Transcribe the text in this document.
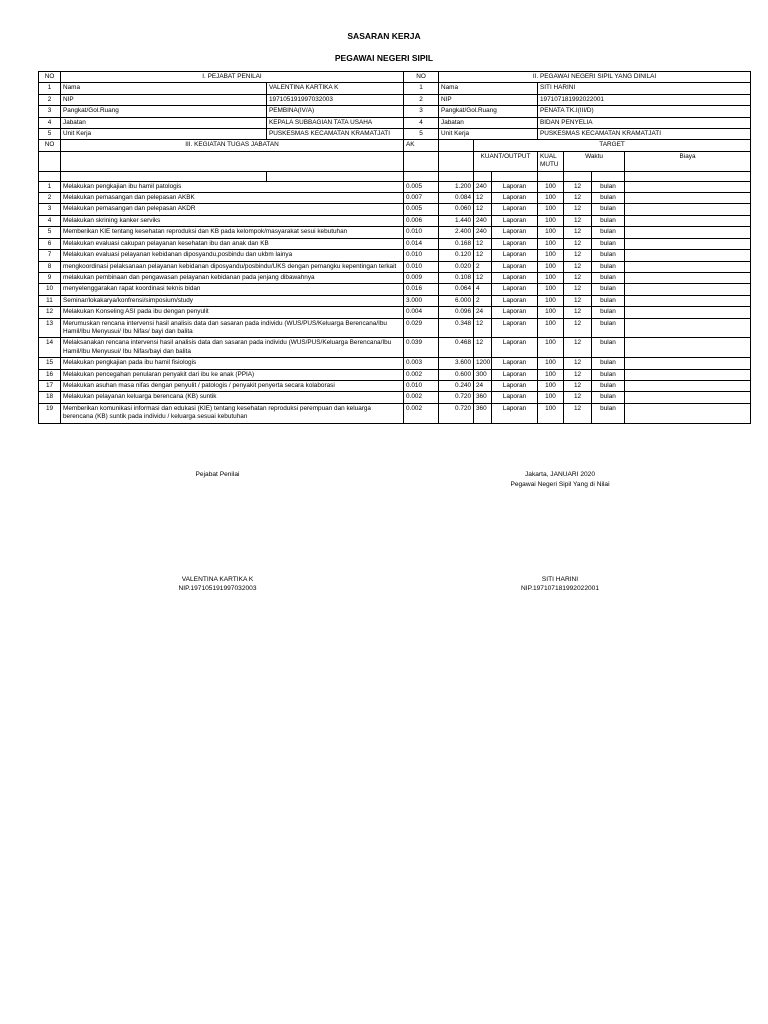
SASARAN KERJA
PEGAWAI NEGERI SIPIL
NO	I. PEJABAT PENILAI		NO	II. PEGAWAI NEGERI SIPIL YANG DINILAI						
1	Nama	VALENTINA KARTIKA K	1	Nama			SITI HARINI			
2	NIP	197105191997032003	2	NIP			197107181992022001			
3	Pangkat/Gol.Ruang	PEMBINA(IV/A)	3	Pangkat/Gol.Ruang			PENATA TK.I(III/D)			
4	Jabatan	KEPALA SUBBAGIAN TATA USAHA	4	Jabatan			BIDAN PENYELIA			
5	Unit Kerja	PUSKESMAS KECAMATAN KRAMATJATI	5	Unit Kerja			PUSKESMAS KECAMATAN KRAMATJATI			
NO	III. KEGIATAN TUGAS JABATAN		AK		TARGET					
					KUANT/OUTPUT		KUAL MUTU	Waktu		Biaya

1	Melakukan pengkajian ibu hamil patologis		0.005	1.200	240	Laporan	100	12	bulan	
2	Melakukan pemasangan dan pelepasan AKBK		0.007	0.084	12	Laporan	100	12	bulan	
3	Melakukan pemasangan dan pelepasan AKDR		0.005	0.060	12	Laporan	100	12	bulan	
4	Melakukan skrining kanker serviks		0.006	1.440	240	Laporan	100	12	bulan	
5	Memberikan KIE tentang kesehatan reproduksi dan KB pada kelompok/masyarakat sesui kebutuhan		0.010	2.400	240	Laporan	100	12	bulan	
6	Melakukan evaluasi cakupan pelayanan kesehatan ibu dan anak dan KB		0.014	0.168	12	Laporan	100	12	bulan	
7	Melakukan evaluasi pelayanan kebidanan diposyandu,posbindu dan ukbm lainya		0.010	0.120	12	Laporan	100	12	bulan	
8	mengkoordinasi pelaksanaan pelayanan kebidanan diposyandu/posbindu/UKS dengan pemangku kepentingan terkait		0.010	0.020	2	Laporan	100	12	bulan	
9	melakukan pembinaan dan pengawasan pelayanan kebidanan pada jenjang dibawahnya		0.009	0.108	12	Laporan	100	12	bulan	
10	menyelenggarakan rapat koordinasi teknis bidan		0.016	0.064	4	Laporan	100	12	bulan	
11	Seminar/lokakarya/konfrensi/simposium/study		3.000	6.000	2	Laporan	100	12	bulan	
12	Melakukan Konseling ASI pada ibu dengan penyulit		0.004	0.096	24	Laporan	100	12	bulan	
13	Merumuskan rencana intervensi hasil analisis data dan sasaran pada individu (WUS/PUS/Keluarga Berencana/Ibu Hamil/Ibu Menyusui/ Ibu Nifas/ bayi dan balita		0.029	0.348	12	Laporan	100	12	bulan	
14	Melaksanakan rencana intervensi hasil analisis data dan sasaran pada individu (WUS/PUS/Keluarga Berencana/Ibu Hamil/Ibu Menyusui/ Ibu Nifas/bayi dan balita		0.039	0.468	12	Laporan	100	12	bulan	
15	Melakukan pengkajian pada ibu hamil fisiologis		0.003	3.600	1200	Laporan	100	12	bulan	
16	Melakukan pencegahan penularan penyakit dari ibu ke anak (PPIA)		0.002	0.600	300	Laporan	100	12	bulan	
17	Melakukan asuhan masa nifas dengan penyulit / patologis / penyakit penyerta secara kolaborasi		0.010	0.240	24	Laporan	100	12	bulan	
18	Melakukan pelayanan keluarga berencana (KB) suntik		0.002	0.720	360	Laporan	100	12	bulan	
19	Memberikan komunikasi informasi dan edukasi (KIE) tentang kesehatan reproduksi perempuan dan keluarga berencana (KB) suntik pada individu / keluarga sesuai kebutuhan		0.002	0.720	360	Laporan	100	12	bulan	
Pejabat Penilai	Jakarta, JANUARI 2020
Pegawai Negeri Sipil Yang di Nilai
VALENTINA KARTIKA K
NIP.197105191997032003
SITI HARINI
NIP.197107181992022001
